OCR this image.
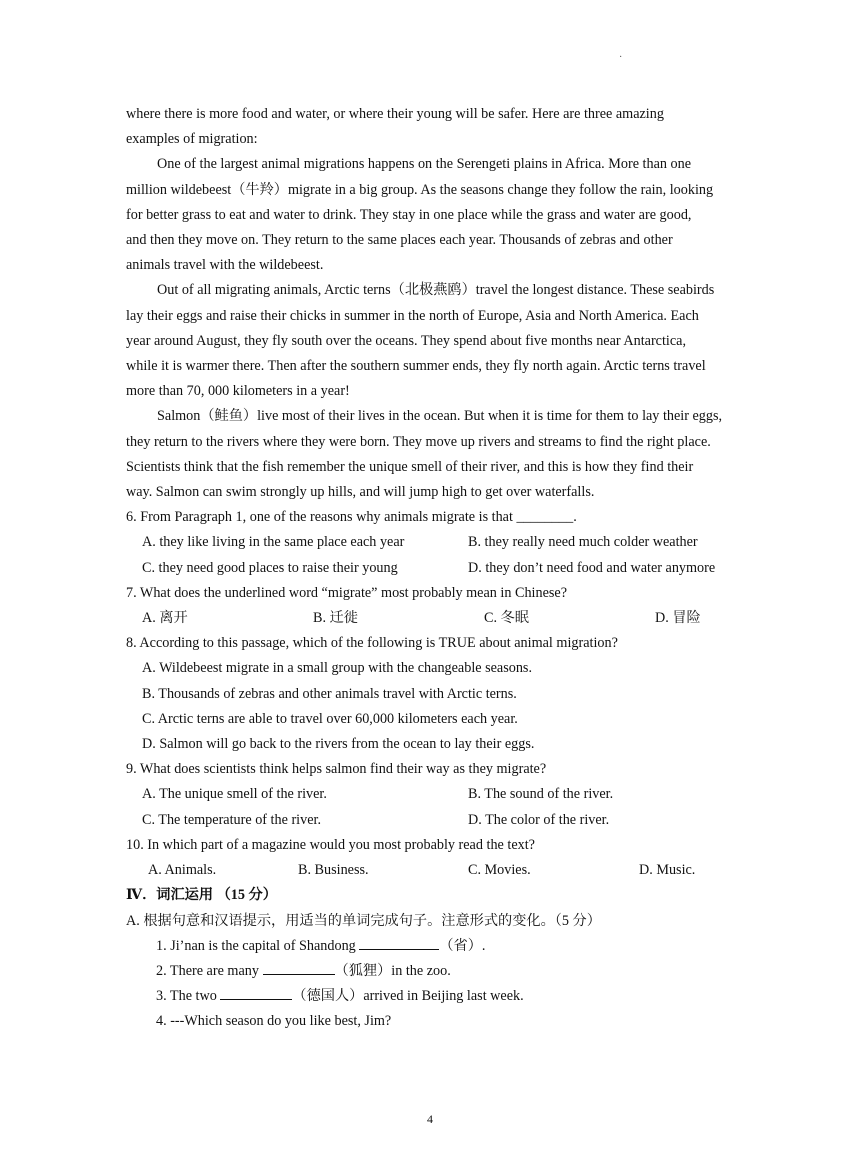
·
where there is more food and water, or where their young will be safer. Here are three amazing
examples of migration:
One of the largest animal migrations happens on the Serengeti plains in Africa. More than one
million wildebeest（牛羚）migrate in a big group. As the seasons change they follow the rain, looking
for better grass to eat and water to drink. They stay in one place while the grass and water are good,
and then they move on. They return to the same places each year. Thousands of zebras and other
animals travel with the wildebeest.
Out of all migrating animals, Arctic terns（北极燕鸥）travel the longest distance. These seabirds
lay their eggs and raise their chicks in summer in the north of Europe, Asia and North America. Each
year around August, they fly south over the oceans. They spend about five months near Antarctica,
while it is warmer there. Then after the southern summer ends, they fly north again. Arctic terns travel
more than 70, 000 kilometers in a year!
Salmon（鲑鱼）live most of their lives in the ocean. But when it is time for them to lay their eggs,
they return to the rivers where they were born. They move up rivers and streams to find the right place.
Scientists think that the fish remember the unique smell of their river, and this is how they find their
way. Salmon can swim strongly up hills, and will jump high to get over waterfalls.
6. From Paragraph 1, one of the reasons why animals migrate is that ________.
A. they like living in the same place each year	B. they really need much colder weather
C. they need good places to raise their young	D. they don’t need food and water anymore
7. What does the underlined word “migrate” most probably mean in Chinese?
A. 离开	B. 迁徙	C. 冬眠	D. 冒险
8. According to this passage, which of the following is TRUE about animal migration?
A. Wildebeest migrate in a small group with the changeable seasons.
B. Thousands of zebras and other animals travel with Arctic terns.
C. Arctic terns are able to travel over 60,000 kilometers each year.
D. Salmon will go back to the rivers from the ocean to lay their eggs.
9. What does scientists think helps salmon find their way as they migrate?
A. The unique smell of the river.	B. The sound of the river.
C. The temperature of the river.	D. The color of the river.
10. In which part of a magazine would you most probably read the text?
A. Animals.	B. Business.	C. Movies.	D. Music.
Ⅳ．词汇运用 （15 分）
A. 根据句意和汉语提示，用适当的单词完成句子。注意形式的变化。（5 分）
1. Ji’nan is the capital of Shandong	（省）.
2. There are many	（狐狸）in the zoo.
3. The two	（德国人）arrived in Beijing last week.
4. ---Which season do you like best, Jim?
4
